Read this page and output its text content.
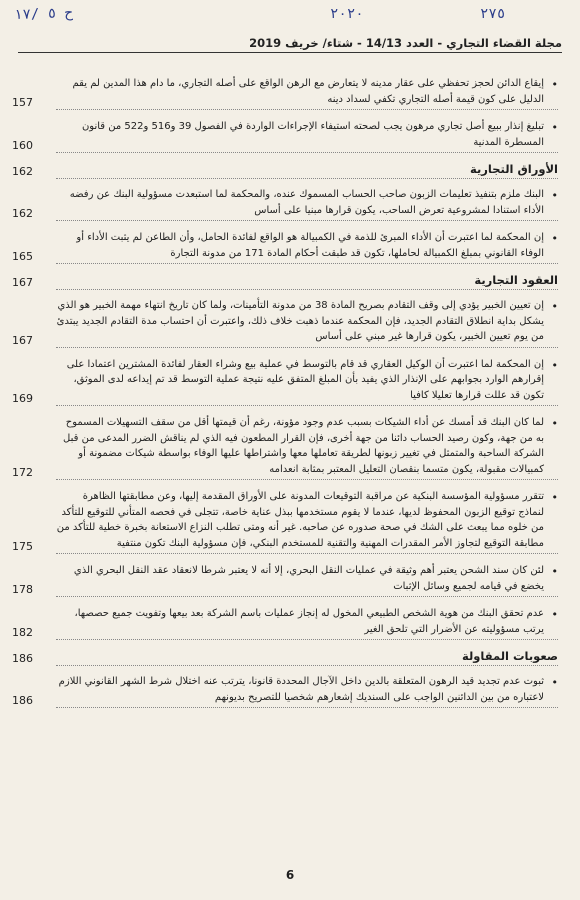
ح ٥ /١٧	٢٠٢٠	٢٧٥
مجلة القضاء التجاري - العدد 14/13 - شتاء/ خريف 2019
157
• إيقاع الدائن لحجز تحفظي على عقار مدينه لا يتعارض مع الرهن الواقع على أصله التجاري، ما دام هذا المدين لم يقم الدليل على كون قيمة أصله التجاري تكفي لسداد دينه
160
• تبليغ إنذار ببيع أصل تجاري مرهون يجب لصحته استيفاء الإجراءات الواردة في الفصول 39 و516 و522 من قانون المسطرة المدنية
162	الأوراق التجارية
162
• البنك ملزم بتنفيذ تعليمات الزبون صاحب الحساب المسموك عنده، والمحكمة لما استبعدت مسؤولية البنك عن رفضه الأداء استنادا لمشروعية تعرض الساحب، يكون قرارها مبنيا على أساس
165
• إن المحكمة لما اعتبرت أن الأداء المبرئ للذمة في الكمبيالة هو الواقع لفائدة الحامل، وأن الطاعن لم يثبت الأداء أو الوفاء القانوني بمبلغ الكمبيالة لحاملها، تكون قد طبقت أحكام المادة 171 من مدونة التجارة
167	العقود التجارية
167
• إن تعيين الخبير يؤدي إلى وقف التقادم بصريح المادة 38 من مدونة التأمينات، ولما كان تاريخ انتهاء مهمة الخبير هو الذي يشكل بداية انطلاق التقادم الجديد، فإن المحكمة عندما ذهبت خلاف ذلك، واعتبرت أن احتساب مدة التقادم الجديد يبتدئ من يوم تعيين الخبير، يكون قرارها غير مبني على أساس
169
• إن المحكمة لما اعتبرت أن الوكيل العقاري قد قام بالتوسط في عملية بيع وشراء العقار لفائدة المشترين اعتمادا على إقرارهم الوارد بجوابهم على الإنذار الذي يفيد بأن المبلغ المتفق عليه نتيجة عملية التوسط قد تم إيداعه لدى الموثق، تكون قد عللت قرارها تعليلا كافيا
172
• لما كان البنك قد أمسك عن أداء الشيكات بسبب عدم وجود مؤونة، رغم أن قيمتها أقل من سقف التسهيلات المسموح به من جهة، وكون رصيد الحساب دائنا من جهة أخرى، فإن القرار المطعون فيه الذي لم يناقش الضرر المدعى من قبل الشركة الساحبة والمتمثل في تغيير زبونها لطريقة تعاملها معها واشتراطها عليها الوفاء بواسطة شيكات مضمونة أو كمبيالات مقبولة، يكون متسما بنقصان التعليل المعتبر بمثابة انعدامه
175
• تتقرر مسؤولية المؤسسة البنكية عن مراقبة التوقيعات المدونة على الأوراق المقدمة إليها، وعن مطابقتها الظاهرة لنماذج توقيع الزبون المحفوظ لديها، عندما لا يقوم مستخدمها ببذل عناية خاصة، تتجلى في فحصه المتأني للتوقيع للتأكد من خلوه مما يبعث على الشك في صحة صدوره عن صاحبه. غير أنه ومتى تطلب النزاع الاستعانة بخبرة خطية للتأكد من مطابقة التوقيع لتجاوز الأمر المقدرات المهنية والتقنية للمستخدم البنكي، فإن مسؤولية البنك تكون منتفية
178
• لئن كان سند الشحن يعتبر أهم وثيقة في عمليات النقل البحري، إلا أنه لا يعتبر شرطا لانعقاد عقد النقل البحري الذي يخضع في قيامه لجميع وسائل الإثبات
182
• عدم تحقق البنك من هوية الشخص الطبيعي المخول له إنجاز عمليات باسم الشركة بعد بيعها وتفويت جميع حصصها، يرتب مسؤوليته عن الأضرار التي تلحق الغير
186	صعوبات المقاولة
186
• ثبوت عدم تجديد قيد الرهون المتعلقة بالدين داخل الآجال المحددة قانونا، يترتب عنه اختلال شرط الشهر القانوني اللازم لاعتباره من بين الدائنين الواجب على السنديك إشعارهم شخصيا للتصريح بديونهم
6
